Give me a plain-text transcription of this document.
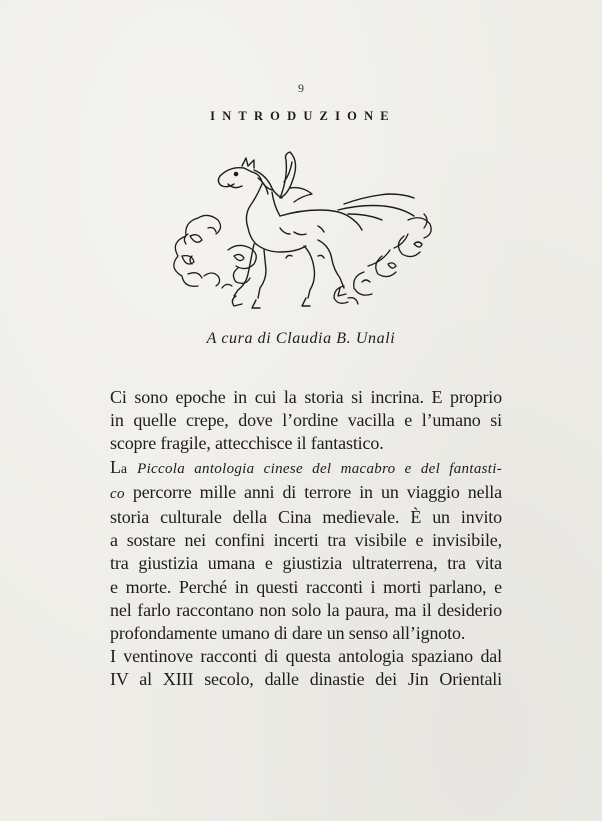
9
INTRODUZIONE
A cura di Claudia B. Unali
Ci sono epoche in cui la storia si incrina. E proprio
in quelle crepe, dove l’ordine vacilla e l’umano si
scopre fragile, attecchisce il fantastico.
La Piccola antologia cinese del macabro e del fantasti-
co percorre mille anni di terrore in un viaggio nella
storia culturale della Cina medievale. È un invito
a sostare nei confini incerti tra visibile e invisibile,
tra giustizia umana e giustizia ultraterrena, tra vita
e morte. Perché in questi racconti i morti parlano, e
nel farlo raccontano non solo la paura, ma il desiderio
profondamente umano di dare un senso all’ignoto.
I ventinove racconti di questa antologia spaziano dal
IV al XIII secolo, dalle dinastie dei Jin Orientali
